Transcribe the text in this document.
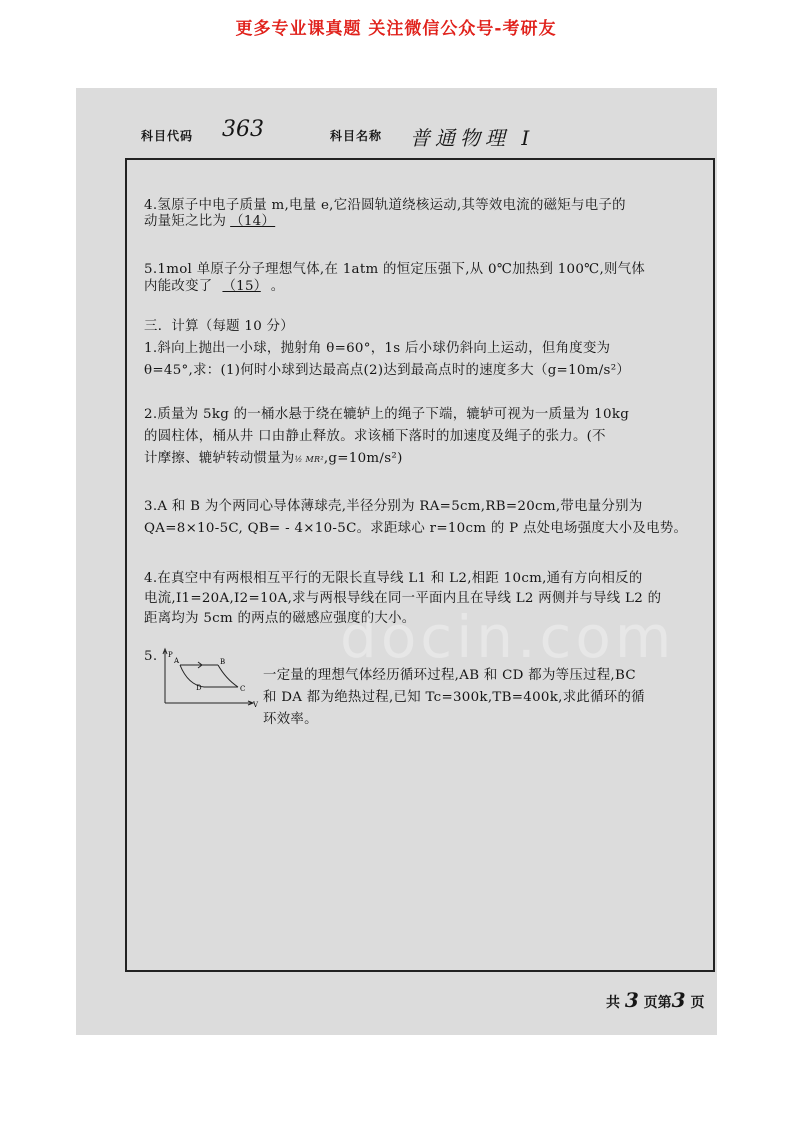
更多专业课真题 关注微信公众号-考研友
科目代码 363	科目名称 普通物理 I
4.氢原子中电子质量 m,电量 e,它沿圆轨道绕核运动,其等效电流的磁矩与电子的
动量矩之比为 （14）
5.1mol 单原子分子理想气体,在 1atm 的恒定压强下,从 0℃加热到 100℃,则气体
内能改变了 （15） 。
三．计算（每题 10 分）
1.斜向上抛出一小球，抛射角 θ=60°，1s 后小球仍斜向上运动，但角度变为
θ=45°,求：(1)何时小球到达最高点(2)达到最高点时的速度多大（g=10m/s²）
2.质量为 5kg 的一桶水悬于绕在辘轳上的绳子下端，辘轳可视为一质量为 10kg
的圆柱体，桶从井 口由静止释放。求该桶下落时的加速度及绳子的张力。(不
计摩擦、辘轳转动惯量为½ MR²,g=10m/s²)
3.A 和 B 为个两同心导体薄球壳,半径分别为 RA=5cm,RB=20cm,带电量分别为
QA=8×10-5C, QB= - 4×10-5C。求距球心 r=10cm 的 P 点处电场强度大小及电势。
4.在真空中有两根相互平行的无限长直导线 L1 和 L2,相距 10cm,通有方向相反的
电流,I1=20A,I2=10A,求与两根导线在同一平面内且在导线 L2 两侧并与导线 L2 的
距离均为 5cm 的两点的磁感应强度的大小。
docin.com
5.	P
V
A	B
C
D
一定量的理想气体经历循环过程,AB 和 CD 都为等压过程,BC
和 DA 都为绝热过程,已知 Tc=300k,TB=400k,求此循环的循
环效率。
共 3 页第3 页
